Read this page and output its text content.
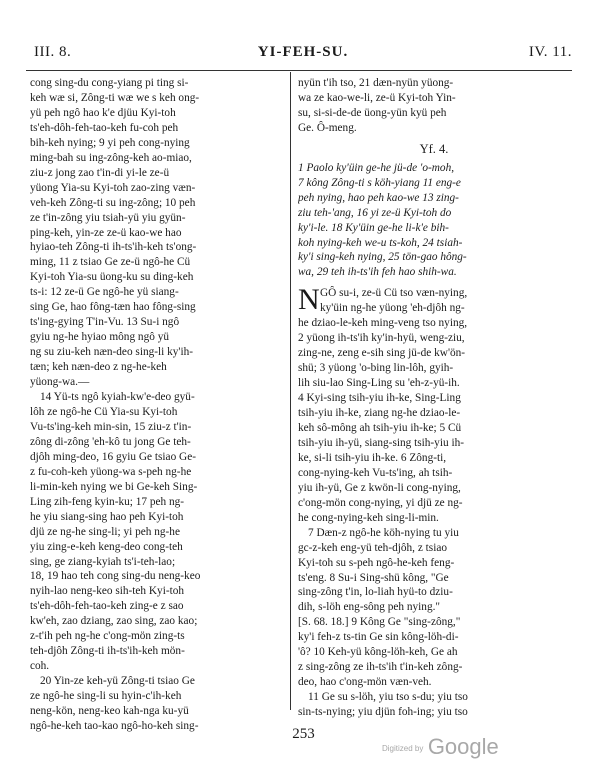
III. 8.	YI-FEH-SU.	IV. 11.
cong sing-du cong-yiang pi ting si-
keh wæ si, Zông-ti wæ we s keh ong-
yü peh ngô hao k'e djüu Kyi-toh
ts'eh-dôh-feh-tao-keh fu-coh peh
bih-keh nying; 9 yi peh cong-nying
ming-bah su ing-zông-keh ao-miao,
ziu-z jong zao t'in-di yi-le ze-ü
yüong Yia-su Kyi-toh zao-zing væn-
veh-keh Zông-ti su ing-zông; 10 peh
ze t'in-zông yiu tsiah-yü yiu gyün-
ping-keh, yin-ze ze-ü kao-we hao
hyiao-teh Zông-ti ih-ts'ih-keh ts'ong-
ming, 11 z tsiao Ge ze-ü ngô-he Cü
Kyi-toh Yia-su üong-ku su ding-keh
ts-i: 12 ze-ü Ge ngô-he yü siang-
sing Ge, hao fông-tæn hao fông-sing
ts'ing-gying T'in-Vu. 13 Su-i ngô
gyiu ng-he hyiao mông ngô yü
ng su ziu-keh næn-deo sing-li ky'ih-
tæn; keh næn-deo z ng-he-keh
yüong-wa.—
14 Yü-ts ngô kyiah-kw'e-deo gyü-
lôh ze ngô-he Cü Yia-su Kyi-toh
Vu-ts'ing-keh min-sin, 15 ziu-z t'in-
zông di-zông 'eh-kô tu jong Ge teh-
djôh ming-deo, 16 gyiu Ge tsiao Ge-
z fu-coh-keh yüong-wa s-peh ng-he
li-min-keh nying we bi Ge-keh Sing-
Ling zih-feng kyin-ku; 17 peh ng-
he yiu siang-sing hao peh Kyi-toh
djü ze ng-he sing-li; yi peh ng-he
yiu zing-e-keh keng-deo cong-teh
sing, ge ziang-kyiah ts'i-teh-lao;
18, 19 hao teh cong sing-du neng-keo
nyih-lao neng-keo sih-teh Kyi-toh
ts'eh-dôh-feh-tao-keh zing-e z sao
kw'eh, zao dziang, zao sing, zao kao;
z-t'ih peh ng-he c'ong-mön zing-ts
teh-djôh Zông-ti ih-ts'ih-keh mön-
coh.
20 Yin-ze keh-yü Zông-ti tsiao Ge
ze ngô-he sing-li su hyin-c'ih-keh
neng-kön, neng-keo kah-nga ku-yü
ngô-he-keh tao-kao ngô-ho-keh sing-
nyün t'ih tso, 21 dæn-nyün yüong-
wa ze kao-we-li, ze-ü Kyi-toh Yin-
su, si-si-de-de üong-yün kyü peh
Ge. Ô-meng.
Yf. 4.
1 Paolo ky'üin ge-he jü-de 'o-moh,
7 kông Zông-ti s köh-yiang 11 eng-e
peh nying, hao peh kao-we 13 zing-
ziu teh-'ang, 16 yi ze-ü Kyi-toh do
ky'i-le. 18 Ky'üin ge-he li-k'e bih-
koh nying-keh we-u ts-koh, 24 tsiah-
ky'i sing-keh nying, 25 tön-gao hông-
wa, 29 teh ih-ts'ih feh hao shih-wa.
N GÔ su-i, ze-ü Cü tso væn-nying,
ky'üin ng-he yüong 'eh-djôh ng-
he dziao-le-keh ming-veng tso nying,
2 yüong ih-ts'ih ky'in-hyü, weng-ziu,
zing-ne, zeng e-sih sing jü-de kw'ön-
shü; 3 yüong 'o-bing lin-lôh, gyih-
lih siu-lao Sing-Ling su 'eh-z-yü-ih.
4 Kyi-sing tsih-yiu ih-ke, Sing-Ling
tsih-yiu ih-ke, ziang ng-he dziao-le-
keh sô-mông ah tsih-yiu ih-ke; 5 Cü
tsih-yiu ih-yü, siang-sing tsih-yiu ih-
ke, si-li tsih-yiu ih-ke. 6 Zông-ti,
cong-nying-keh Vu-ts'ing, ah tsih-
yiu ih-yü, Ge z kwön-li cong-nying,
c'ong-mön cong-nying, yi djü ze ng-
he cong-nying-keh sing-li-min.
7 Dæn-z ngô-he köh-nying tu yiu
gc-z-keh eng-yü teh-djôh, z tsiao
Kyi-toh su s-peh ngô-he-keh feng-
ts'eng. 8 Su-i Sing-shü kông, "Ge
sing-zông t'in, lo-liah hyü-to dziu-
dih, s-löh eng-sông peh nying."
[S. 68. 18.] 9 Kông Ge "sing-zông,"
ky'i feh-z ts-tin Ge sin kông-löh-di-
'ô? 10 Keh-yü kông-löh-keh, Ge ah
z sing-zông ze ih-ts'ih t'in-keh zông-
deo, hao c'ong-mön væn-veh.
11 Ge su s-löh, yiu tso s-du; yiu tso
sin-ts-nying; yiu djün foh-ing; yiu tso
253
Digitized by Google
